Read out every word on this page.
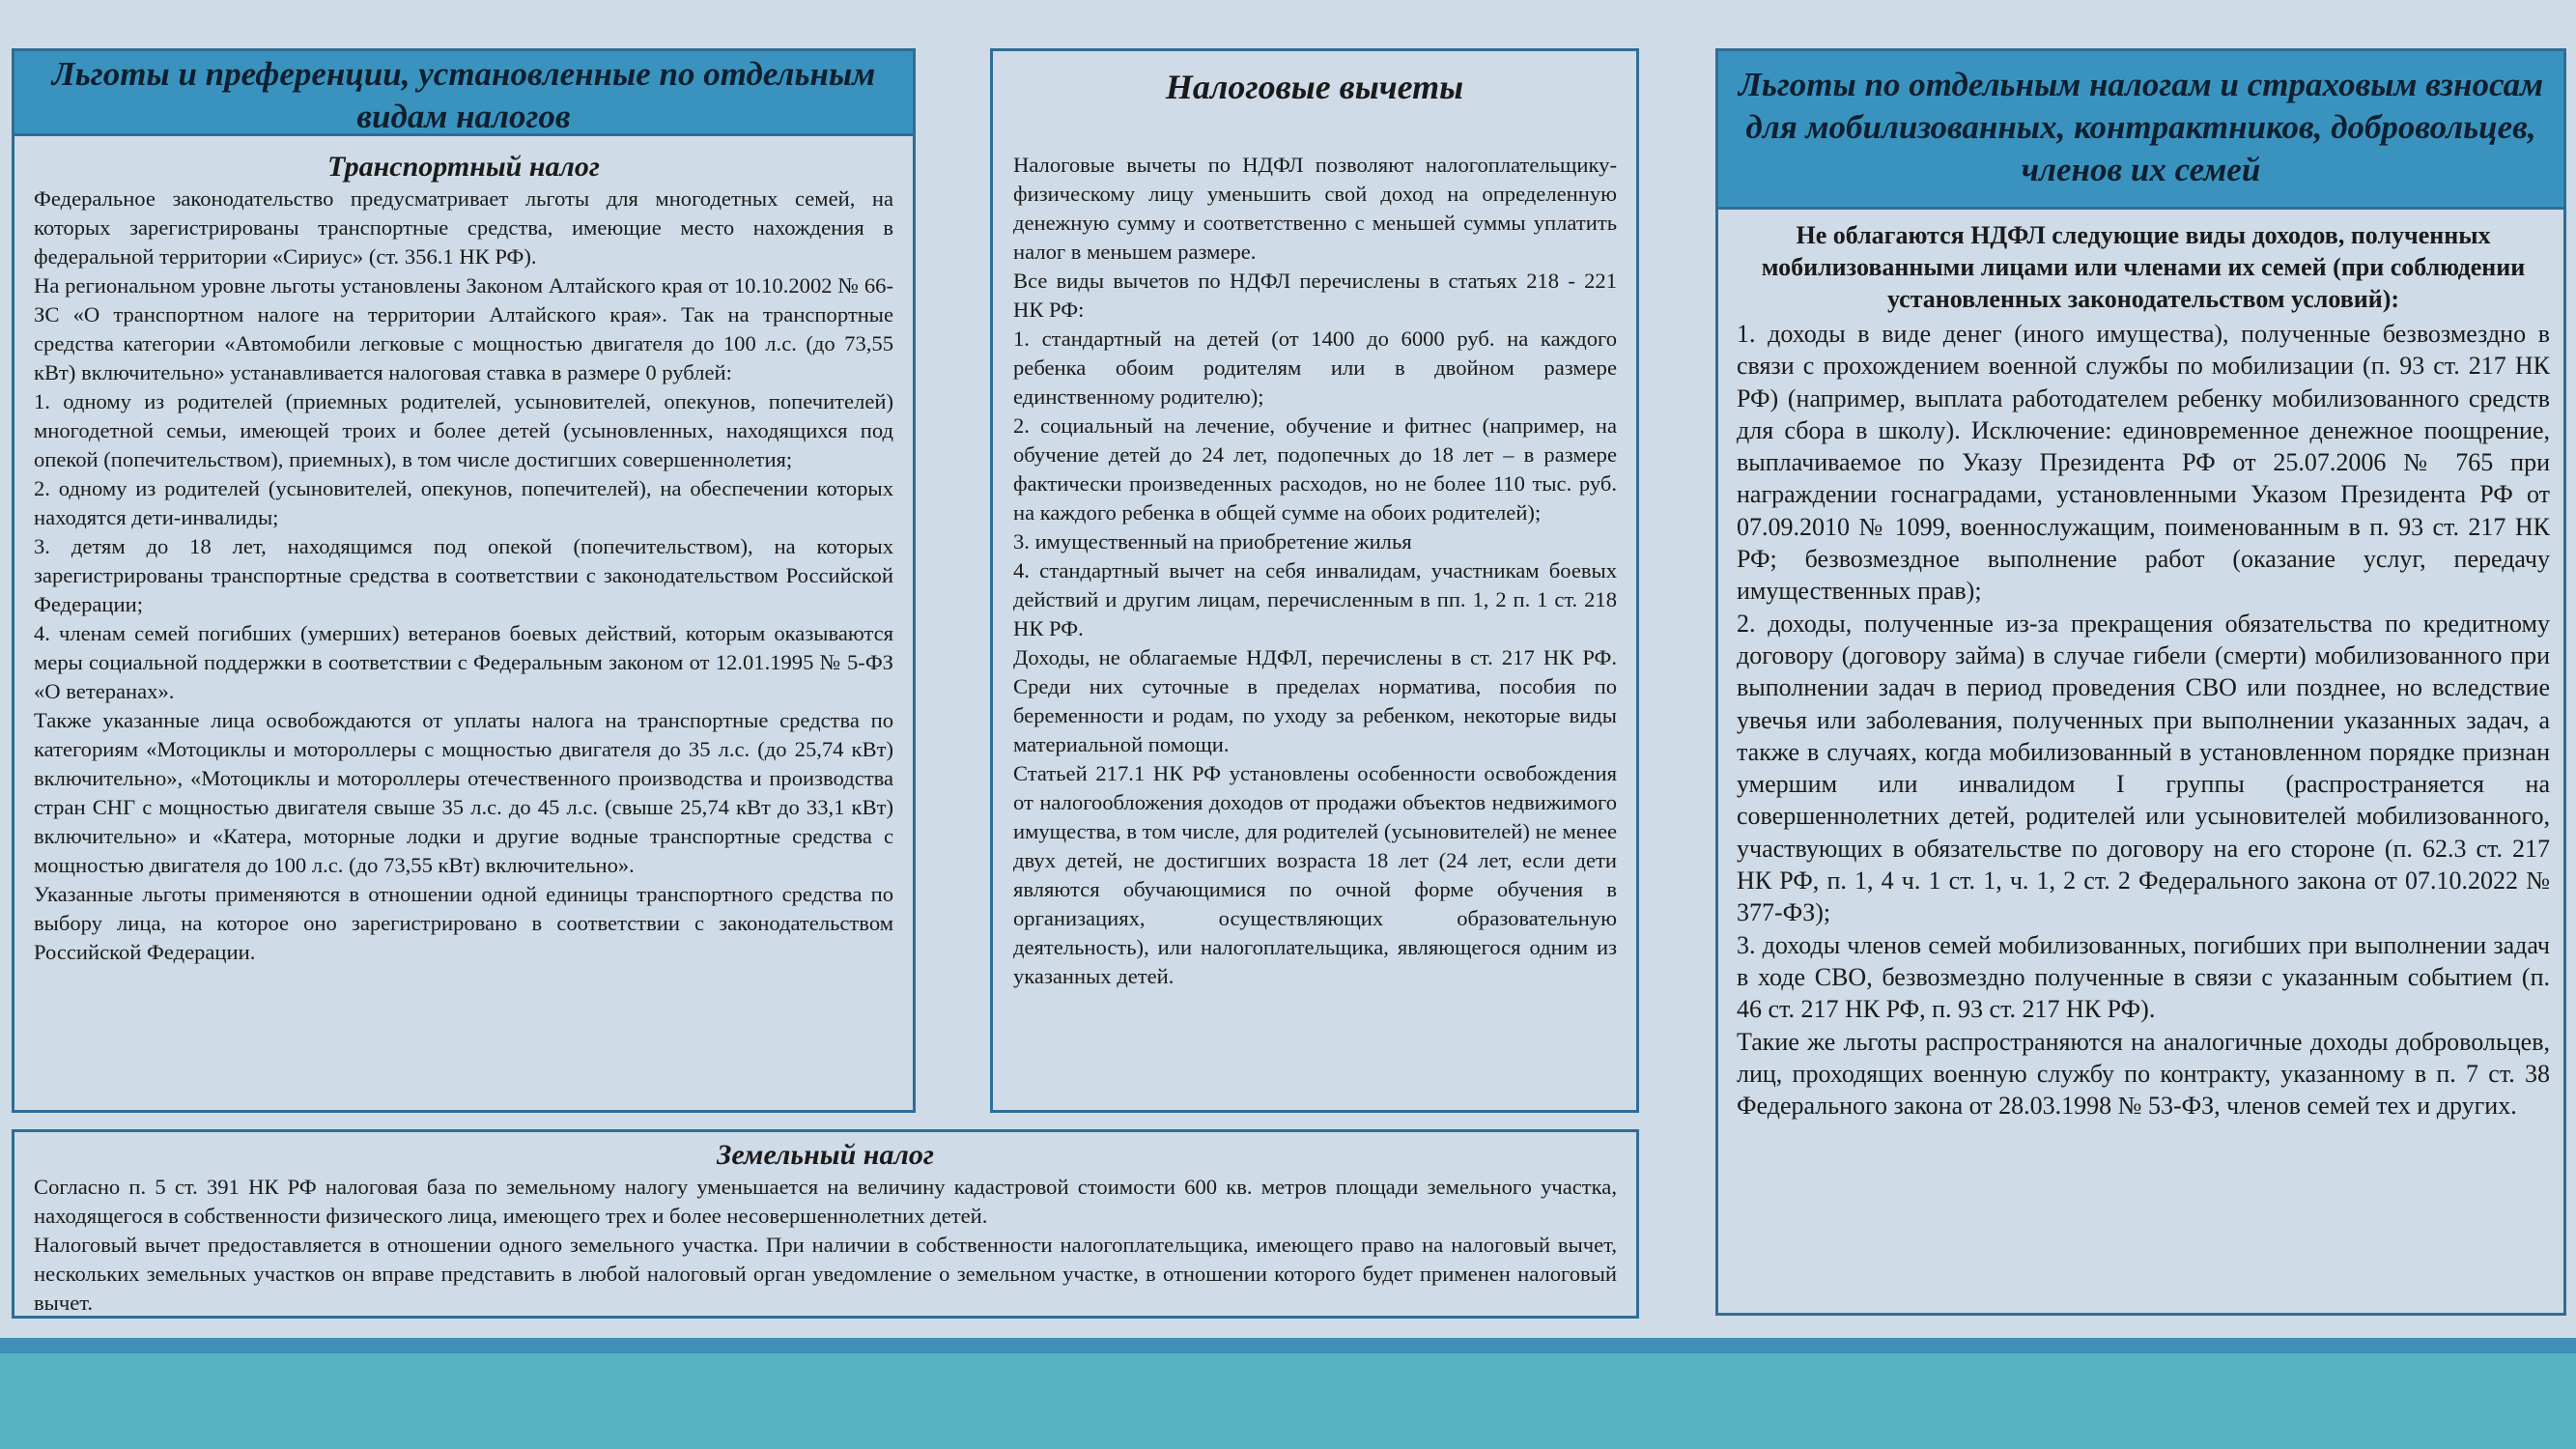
Льготы и преференции, установленные по отдельным видам налогов

Транспортный налог

Федеральное законодательство предусматривает льготы для многодетных семей, на которых зарегистрированы транспортные средства, имеющие место нахождения в федеральной территории «Сириус» (ст. 356.1 НК РФ).

На региональном уровне льготы установлены Законом Алтайского края от 10.10.2002 № 66-ЗС «О транспортном налоге на территории Алтайского края». Так на транспортные средства категории «Автомобили легковые с мощностью двигателя до 100 л.с. (до 73,55 кВт) включительно» устанавливается налоговая ставка в размере 0 рублей:

1. одному из родителей (приемных родителей, усыновителей, опекунов, попечителей) многодетной семьи, имеющей троих и более детей (усыновленных, находящихся под опекой (попечительством), приемных), в том числе достигших совершеннолетия;

2. одному из родителей (усыновителей, опекунов, попечителей), на обеспечении которых находятся дети-инвалиды;

3. детям до 18 лет, находящимся под опекой (попечительством), на которых зарегистрированы транспортные средства в соответствии с законодательством Российской Федерации;

4. членам семей погибших (умерших) ветеранов боевых действий, которым оказываются меры социальной поддержки в соответствии с Федеральным законом от 12.01.1995 № 5-ФЗ «О ветеранах».

Также указанные лица освобождаются от уплаты налога на транспортные средства по категориям «Мотоциклы и мотороллеры с мощностью двигателя до 35 л.с. (до 25,74 кВт) включительно», «Мотоциклы и мотороллеры отечественного производства и производства стран СНГ с мощностью двигателя свыше 35 л.с. до 45 л.с. (свыше 25,74 кВт до 33,1 кВт) включительно» и «Катера, моторные лодки и другие водные транспортные средства с мощностью двигателя до 100 л.с. (до 73,55 кВт) включительно».

Указанные льготы применяются в отношении одной единицы транспортного средства по выбору лица, на которое оно зарегистрировано в соответствии с законодательством Российской Федерации.

Налоговые вычеты

Налоговые вычеты по НДФЛ позволяют налогоплательщику-физическому лицу уменьшить свой доход на определенную денежную сумму и соответственно с меньшей суммы уплатить налог в меньшем размере.

Все виды вычетов по НДФЛ перечислены в статьях 218 - 221 НК РФ:

1. стандартный на детей (от 1400 до 6000 руб. на каждого ребенка обоим родителям или в двойном размере единственному родителю);

2. социальный на лечение, обучение и фитнес (например, на обучение детей до 24 лет, подопечных до 18 лет – в размере фактически произведенных расходов, но не более 110 тыс. руб. на каждого ребенка в общей сумме на обоих родителей);

3. имущественный на приобретение жилья

4. стандартный вычет на себя инвалидам, участникам боевых действий и другим лицам, перечисленным в пп. 1, 2 п. 1 ст. 218 НК РФ.

Доходы, не облагаемые НДФЛ, перечислены в ст. 217 НК РФ. Среди них суточные в пределах норматива, пособия по беременности и родам, по уходу за ребенком, некоторые виды материальной помощи.

Статьей 217.1 НК РФ установлены особенности освобождения от налогообложения доходов от продажи объектов недвижимого имущества, в том числе, для родителей (усыновителей) не менее двух детей, не достигших возраста 18 лет (24 лет, если дети являются обучающимися по очной форме обучения в организациях, осуществляющих образовательную деятельность), или налогоплательщика, являющегося одним из указанных детей.

Земельный налог

Согласно п. 5 ст. 391 НК РФ налоговая база по земельному налогу уменьшается на величину кадастровой стоимости 600 кв. метров площади земельного участка, находящегося в собственности физического лица, имеющего трех и более несовершеннолетних детей.

Налоговый вычет предоставляется в отношении одного земельного участка. При наличии в собственности налогоплательщика, имеющего право на налоговый вычет, нескольких земельных участков он вправе представить в любой налоговый орган уведомление о земельном участке, в отношении которого будет применен налоговый вычет.

Льготы по отдельным налогам и страховым взносам для мобилизованных, контрактников, добровольцев, членов их семей

Не облагаются НДФЛ следующие виды доходов, полученных мобилизованными лицами или членами их семей (при соблюдении установленных законодательством условий):

1. доходы в виде денег (иного имущества), полученные безвозмездно в связи с прохождением военной службы по мобилизации (п. 93 ст. 217 НК РФ) (например, выплата работодателем ребенку мобилизованного средств для сбора в школу). Исключение: единовременное денежное поощрение, выплачиваемое по Указу Президента РФ от 25.07.2006 № 765 при награждении госнаградами, установленными Указом Президента РФ от 07.09.2010 № 1099, военнослужащим, поименованным в п. 93 ст. 217 НК РФ; безвозмездное выполнение работ (оказание услуг, передачу имущественных прав);

2. доходы, полученные из-за прекращения обязательства по кредитному договору (договору займа) в случае гибели (смерти) мобилизованного при выполнении задач в период проведения СВО или позднее, но вследствие увечья или заболевания, полученных при выполнении указанных задач, а также в случаях, когда мобилизованный в установленном порядке признан умершим или инвалидом I группы (распространяется на совершеннолетних детей, родителей или усыновителей мобилизованного, участвующих в обязательстве по договору на его стороне (п. 62.3 ст. 217 НК РФ, п. 1, 4 ч. 1 ст. 1, ч. 1, 2 ст. 2 Федерального закона от 07.10.2022 № 377-ФЗ);

3. доходы членов семей мобилизованных, погибших при выполнении задач в ходе СВО, безвозмездно полученные в связи с указанным событием (п. 46 ст. 217 НК РФ, п. 93 ст. 217 НК РФ).

Такие же льготы распространяются на аналогичные доходы добровольцев, лиц, проходящих военную службу по контракту, указанному в п. 7 ст. 38 Федерального закона от 28.03.1998 № 53-ФЗ, членов семей тех и других.
